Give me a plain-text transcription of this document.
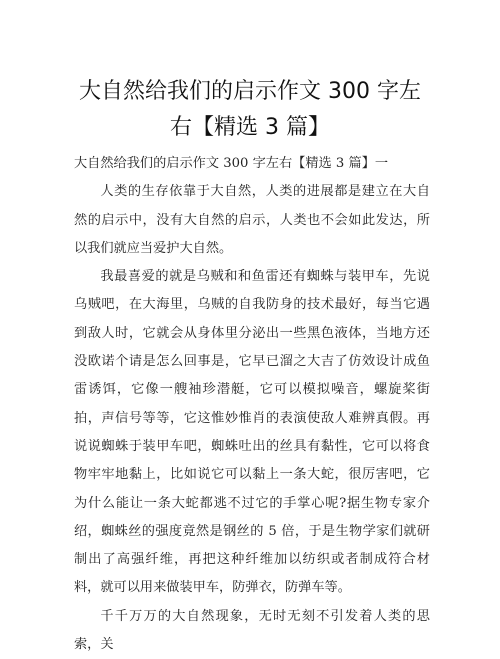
大自然给我们的启示作文 300 字左右【精选 3 篇】

大自然给我们的启示作文 300 字左右【精选 3 篇】一

人类的生存依靠于大自然，人类的进展都是建立在大自然的启示中，没有大自然的启示，人类也不会如此发达，所以我们就应当爱护大自然。

我最喜爱的就是乌贼和和鱼雷还有蜘蛛与装甲车，先说乌贼吧，在大海里，乌贼的自我防身的技术最好，每当它遇到敌人时，它就会从身体里分泌出一些黑色液体，当地方还没欧诺个请是怎么回事是，它早已溜之大吉了仿效设计成鱼雷诱饵，它像一艘袖珍潜艇，它可以模拟噪音，螺旋桨街拍，声信号等等，它这惟妙惟肖的表演使敌人难辨真假。再说说蜘蛛于装甲车吧，蜘蛛吐出的丝具有黏性，它可以将食物牢牢地黏上，比如说它可以黏上一条大蛇，很厉害吧，它为什么能让一条大蛇都逃不过它的手掌心呢?据生物专家介绍，蜘蛛丝的强度竟然是钢丝的 5 倍，于是生物学家们就研制出了高强纤维，再把这种纤维加以纺织或者制成符合材料，就可以用来做装甲车，防弹衣，防弹车等。

千千万万的大自然现象，无时无刻不引发着人类的思索，关
